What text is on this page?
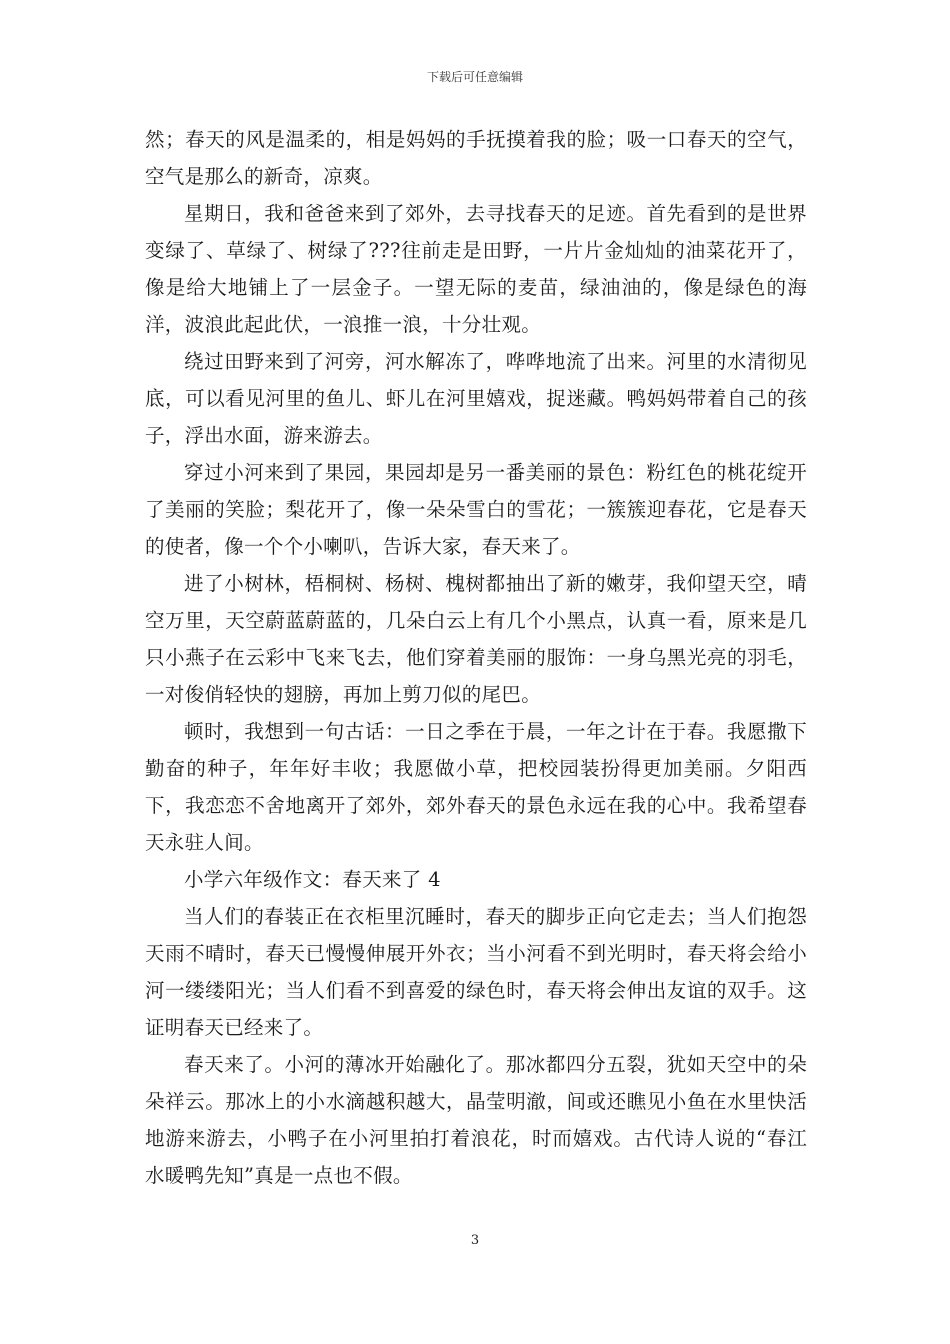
下载后可任意编辑

然；春天的风是温柔的，相是妈妈的手抚摸着我的脸；吸一口春天的空气，空气是那么的新奇，凉爽。

星期日，我和爸爸来到了郊外，去寻找春天的足迹。首先看到的是世界变绿了、草绿了、树绿了???往前走是田野，一片片金灿灿的油菜花开了，像是给大地铺上了一层金子。一望无际的麦苗，绿油油的，像是绿色的海洋，波浪此起此伏，一浪推一浪，十分壮观。

绕过田野来到了河旁，河水解冻了，哗哗地流了出来。河里的水清彻见底，可以看见河里的鱼儿、虾儿在河里嬉戏，捉迷藏。鸭妈妈带着自己的孩子，浮出水面，游来游去。

穿过小河来到了果园，果园却是另一番美丽的景色：粉红色的桃花绽开了美丽的笑脸；梨花开了，像一朵朵雪白的雪花；一簇簇迎春花，它是春天的使者，像一个个小喇叭，告诉大家，春天来了。

进了小树林，梧桐树、杨树、槐树都抽出了新的嫩芽，我仰望天空，晴空万里，天空蔚蓝蔚蓝的，几朵白云上有几个小黑点，认真一看，原来是几只小燕子在云彩中飞来飞去，他们穿着美丽的服饰：一身乌黑光亮的羽毛，一对俊俏轻快的翅膀，再加上剪刀似的尾巴。

顿时，我想到一句古话：一日之季在于晨，一年之计在于春。我愿撒下勤奋的种子，年年好丰收；我愿做小草，把校园装扮得更加美丽。夕阳西下，我恋恋不舍地离开了郊外，郊外春天的景色永远在我的心中。我希望春天永驻人间。

小学六年级作文：春天来了 4

当人们的春装正在衣柜里沉睡时，春天的脚步正向它走去；当人们抱怨天雨不晴时，春天已慢慢伸展开外衣；当小河看不到光明时，春天将会给小河一缕缕阳光；当人们看不到喜爱的绿色时，春天将会伸出友谊的双手。这证明春天已经来了。

春天来了。小河的薄冰开始融化了。那冰都四分五裂，犹如天空中的朵朵祥云。那冰上的小水滴越积越大，晶莹明澈，间或还瞧见小鱼在水里快活地游来游去，小鸭子在小河里拍打着浪花，时而嬉戏。古代诗人说的“春江水暖鸭先知”真是一点也不假。

3
